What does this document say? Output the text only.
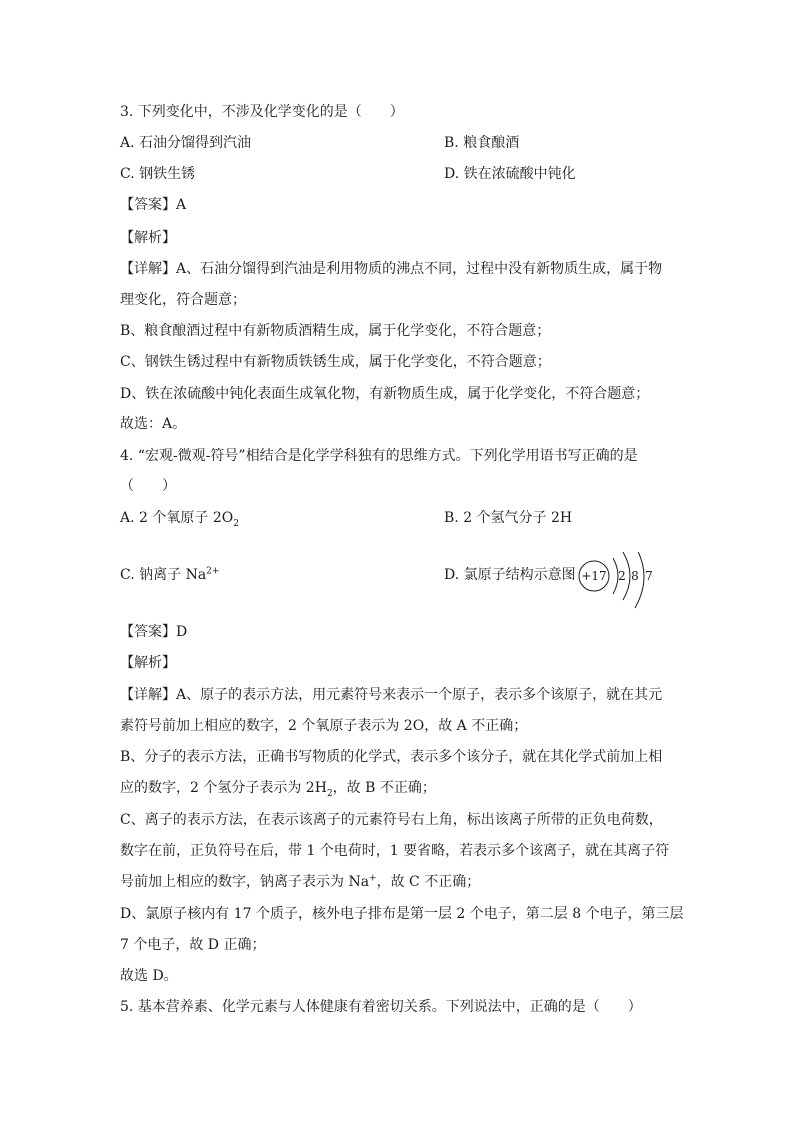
3. 下列变化中，不涉及化学变化的是（　　）
A. 石油分馏得到汽油	B. 粮食酿酒
C. 钢铁生锈	D. 铁在浓硫酸中钝化
【答案】A
【解析】
【详解】A、石油分馏得到汽油是利用物质的沸点不同，过程中没有新物质生成，属于物
理变化，符合题意；
B、粮食酿酒过程中有新物质酒精生成，属于化学变化，不符合题意；
C、钢铁生锈过程中有新物质铁锈生成，属于化学变化，不符合题意；
D、铁在浓硫酸中钝化表面生成氧化物，有新物质生成，属于化学变化，不符合题意；
故选：A。
4. “宏观-微观-符号”相结合是化学学科独有的思维方式。下列化学用语书写正确的是
（　　）
A. 2 个氧原子 $2O_2$	B. 2 个氢气分子 2H
C. 钠离子 $Na^{2+}$	D. 氯原子结构示意图 +17 2 8 7
【答案】D
【解析】
【详解】A、原子的表示方法，用元素符号来表示一个原子，表示多个该原子，就在其元
素符号前加上相应的数字，2 个氧原子表示为 2O，故 A 不正确；
B、分子的表示方法，正确书写物质的化学式，表示多个该分子，就在其化学式前加上相
应的数字，2 个氢分子表示为 $2H_2$，故 B 不正确；
C、离子的表示方法，在表示该离子的元素符号右上角，标出该离子所带的正负电荷数，
数字在前，正负符号在后，带 1 个电荷时，1 要省略，若表示多个该离子，就在其离子符
号前加上相应的数字，钠离子表示为 Na+，故 C 不正确；
D、氯原子核内有 17 个质子，核外电子排布是第一层 2 个电子，第二层 8 个电子，第三层
7 个电子，故 D 正确；
故选 D。
5. 基本营养素、化学元素与人体健康有着密切关系。下列说法中，正确的是（　　）
